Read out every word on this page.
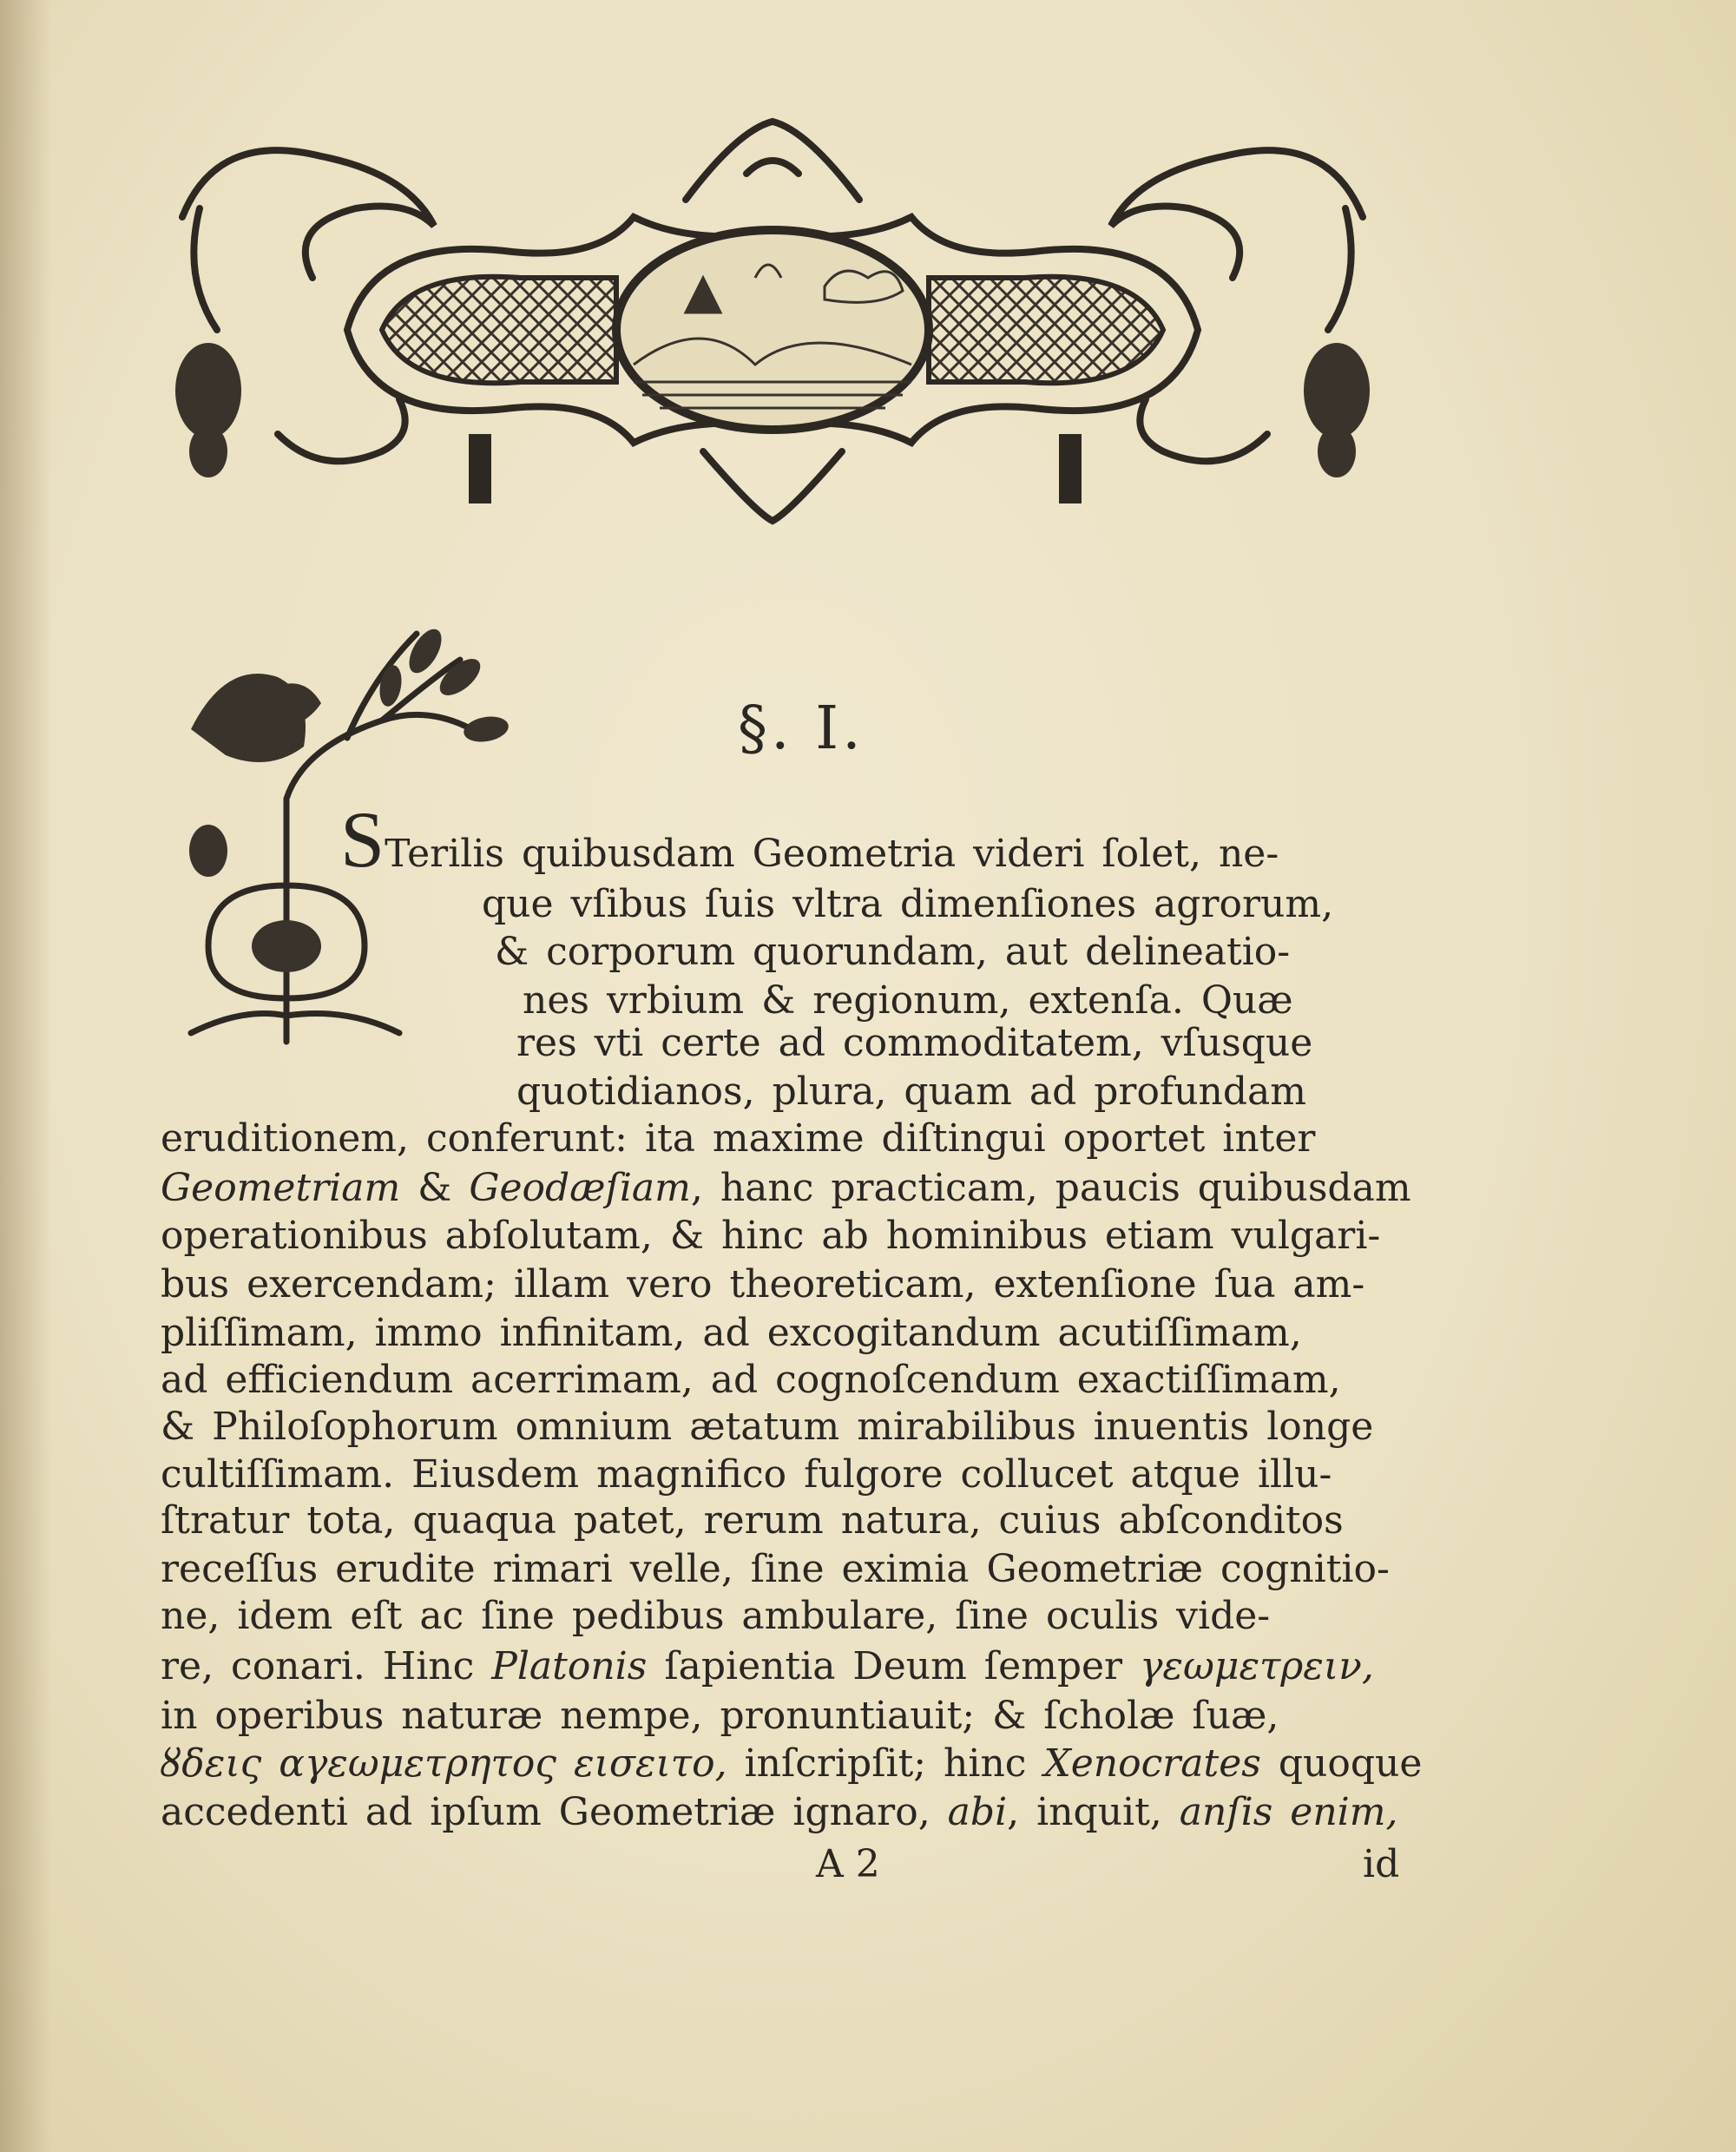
§. I.
STerilis quibusdam Geometria videri ſolet, ne-
que vſibus ſuis vltra dimenſiones agrorum,
& corporum quorundam, aut delineatio-
nes vrbium & regionum, extenſa. Quæ
res vti certe ad commoditatem, vſusque
quotidianos, plura, quam ad profundam
eruditionem, conferunt: ita maxime diſtingui oportet inter
Geometriam & Geodæſiam, hanc practicam, paucis quibusdam
operationibus abſolutam, & hinc ab hominibus etiam vulgari-
bus exercendam; illam vero theoreticam, extenſione ſua am-
pliſſimam, immo infinitam, ad excogitandum acutiſſimam,
ad efficiendum acerrimam, ad cognoſcendum exactiſſimam,
& Philoſophorum omnium ætatum mirabilibus inuentis longe
cultiſſimam. Eiusdem magnifico fulgore collucet atque illu-
ſtratur tota, quaqua patet, rerum natura, cuius abſconditos
receſſus erudite rimari velle, ſine eximia Geometriæ cognitio-
ne, idem eſt ac ſine pedibus ambulare, ſine oculis vide-
re, conari. Hinc Platonis ſapientia Deum ſemper γεωμετρειν,
in operibus naturæ nempe, pronuntiauit; & ſcholæ ſuæ,
ȣδεις αγεωμετρητος εισειτο, inſcripſit; hinc Xenocrates quoque
accedenti ad ipſum Geometriæ ignaro, abi, inquit, anſis enim,
A 2	id
